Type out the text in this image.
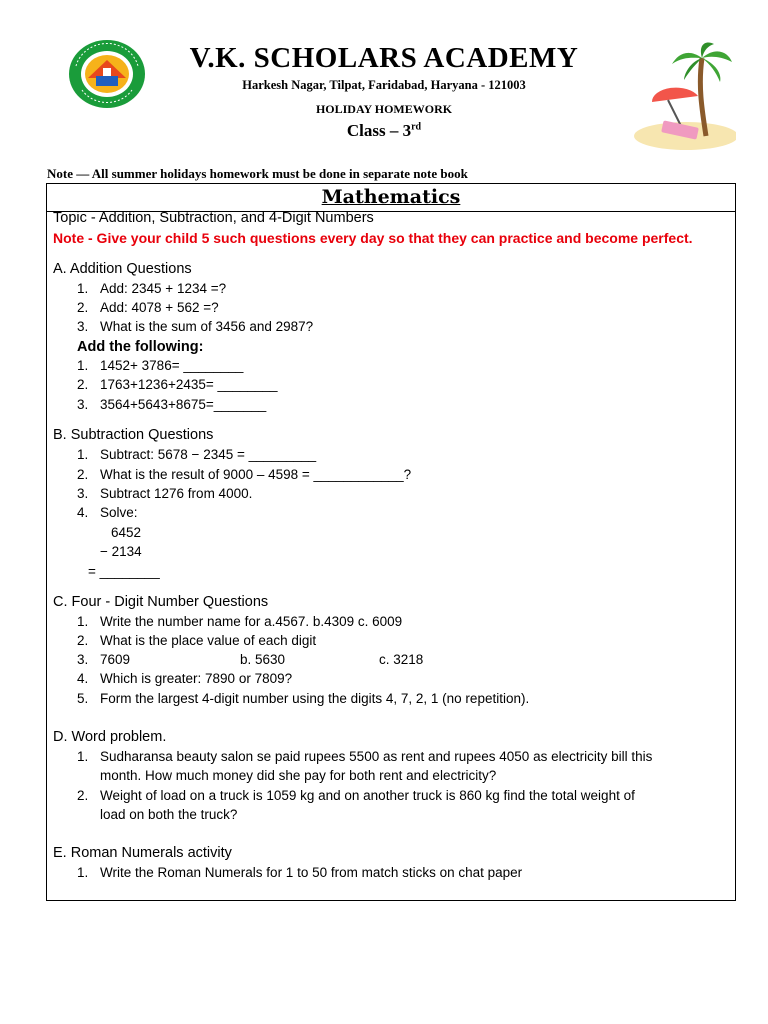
V.K. SCHOLARS ACADEMY
Harkesh Nagar, Tilpat, Faridabad, Haryana - 121003
HOLIDAY HOMEWORK
Class – 3rd
Note — All summer holidays homework must be done in separate note book
Mathematics
Topic - Addition, Subtraction, and 4-Digit Numbers
Note - Give your child 5 such questions every day so that they can practice and become perfect.
A. Addition Questions
1. Add: 2345 + 1234 =?
2. Add: 4078 + 562 =?
3. What is the sum of 3456 and 2987?
Add the following:
1. 1452+ 3786= ________
2. 1763+1236+2435= ________
3. 3564+5643+8675=_______
B. Subtraction Questions
1. Subtract: 5678 − 2345 = _________
2. What is the result of 9000 – 4598 = ____________?
3. Subtract 1276 from 4000.
4. Solve:
6452
− 2134
= ________
C. Four - Digit Number Questions
1. Write the number name for a.4567. b.4309 c. 6009
2. What is the place value of each digit
3. 7609	b. 5630	c. 3218
4. Which is greater: 7890 or 7809?
5. Form the largest 4-digit number using the digits 4, 7, 2, 1 (no repetition).
D. Word problem.
1. Sudharansa beauty salon se paid rupees 5500 as rent and rupees 4050 as electricity bill this
month. How much money did she pay for both rent and electricity?
2. Weight of load on a truck is 1059 kg and on another truck is 860 kg find the total weight of
load on both the truck?
E. Roman Numerals activity
1. Write the Roman Numerals for 1 to 50 from match sticks on chat paper
